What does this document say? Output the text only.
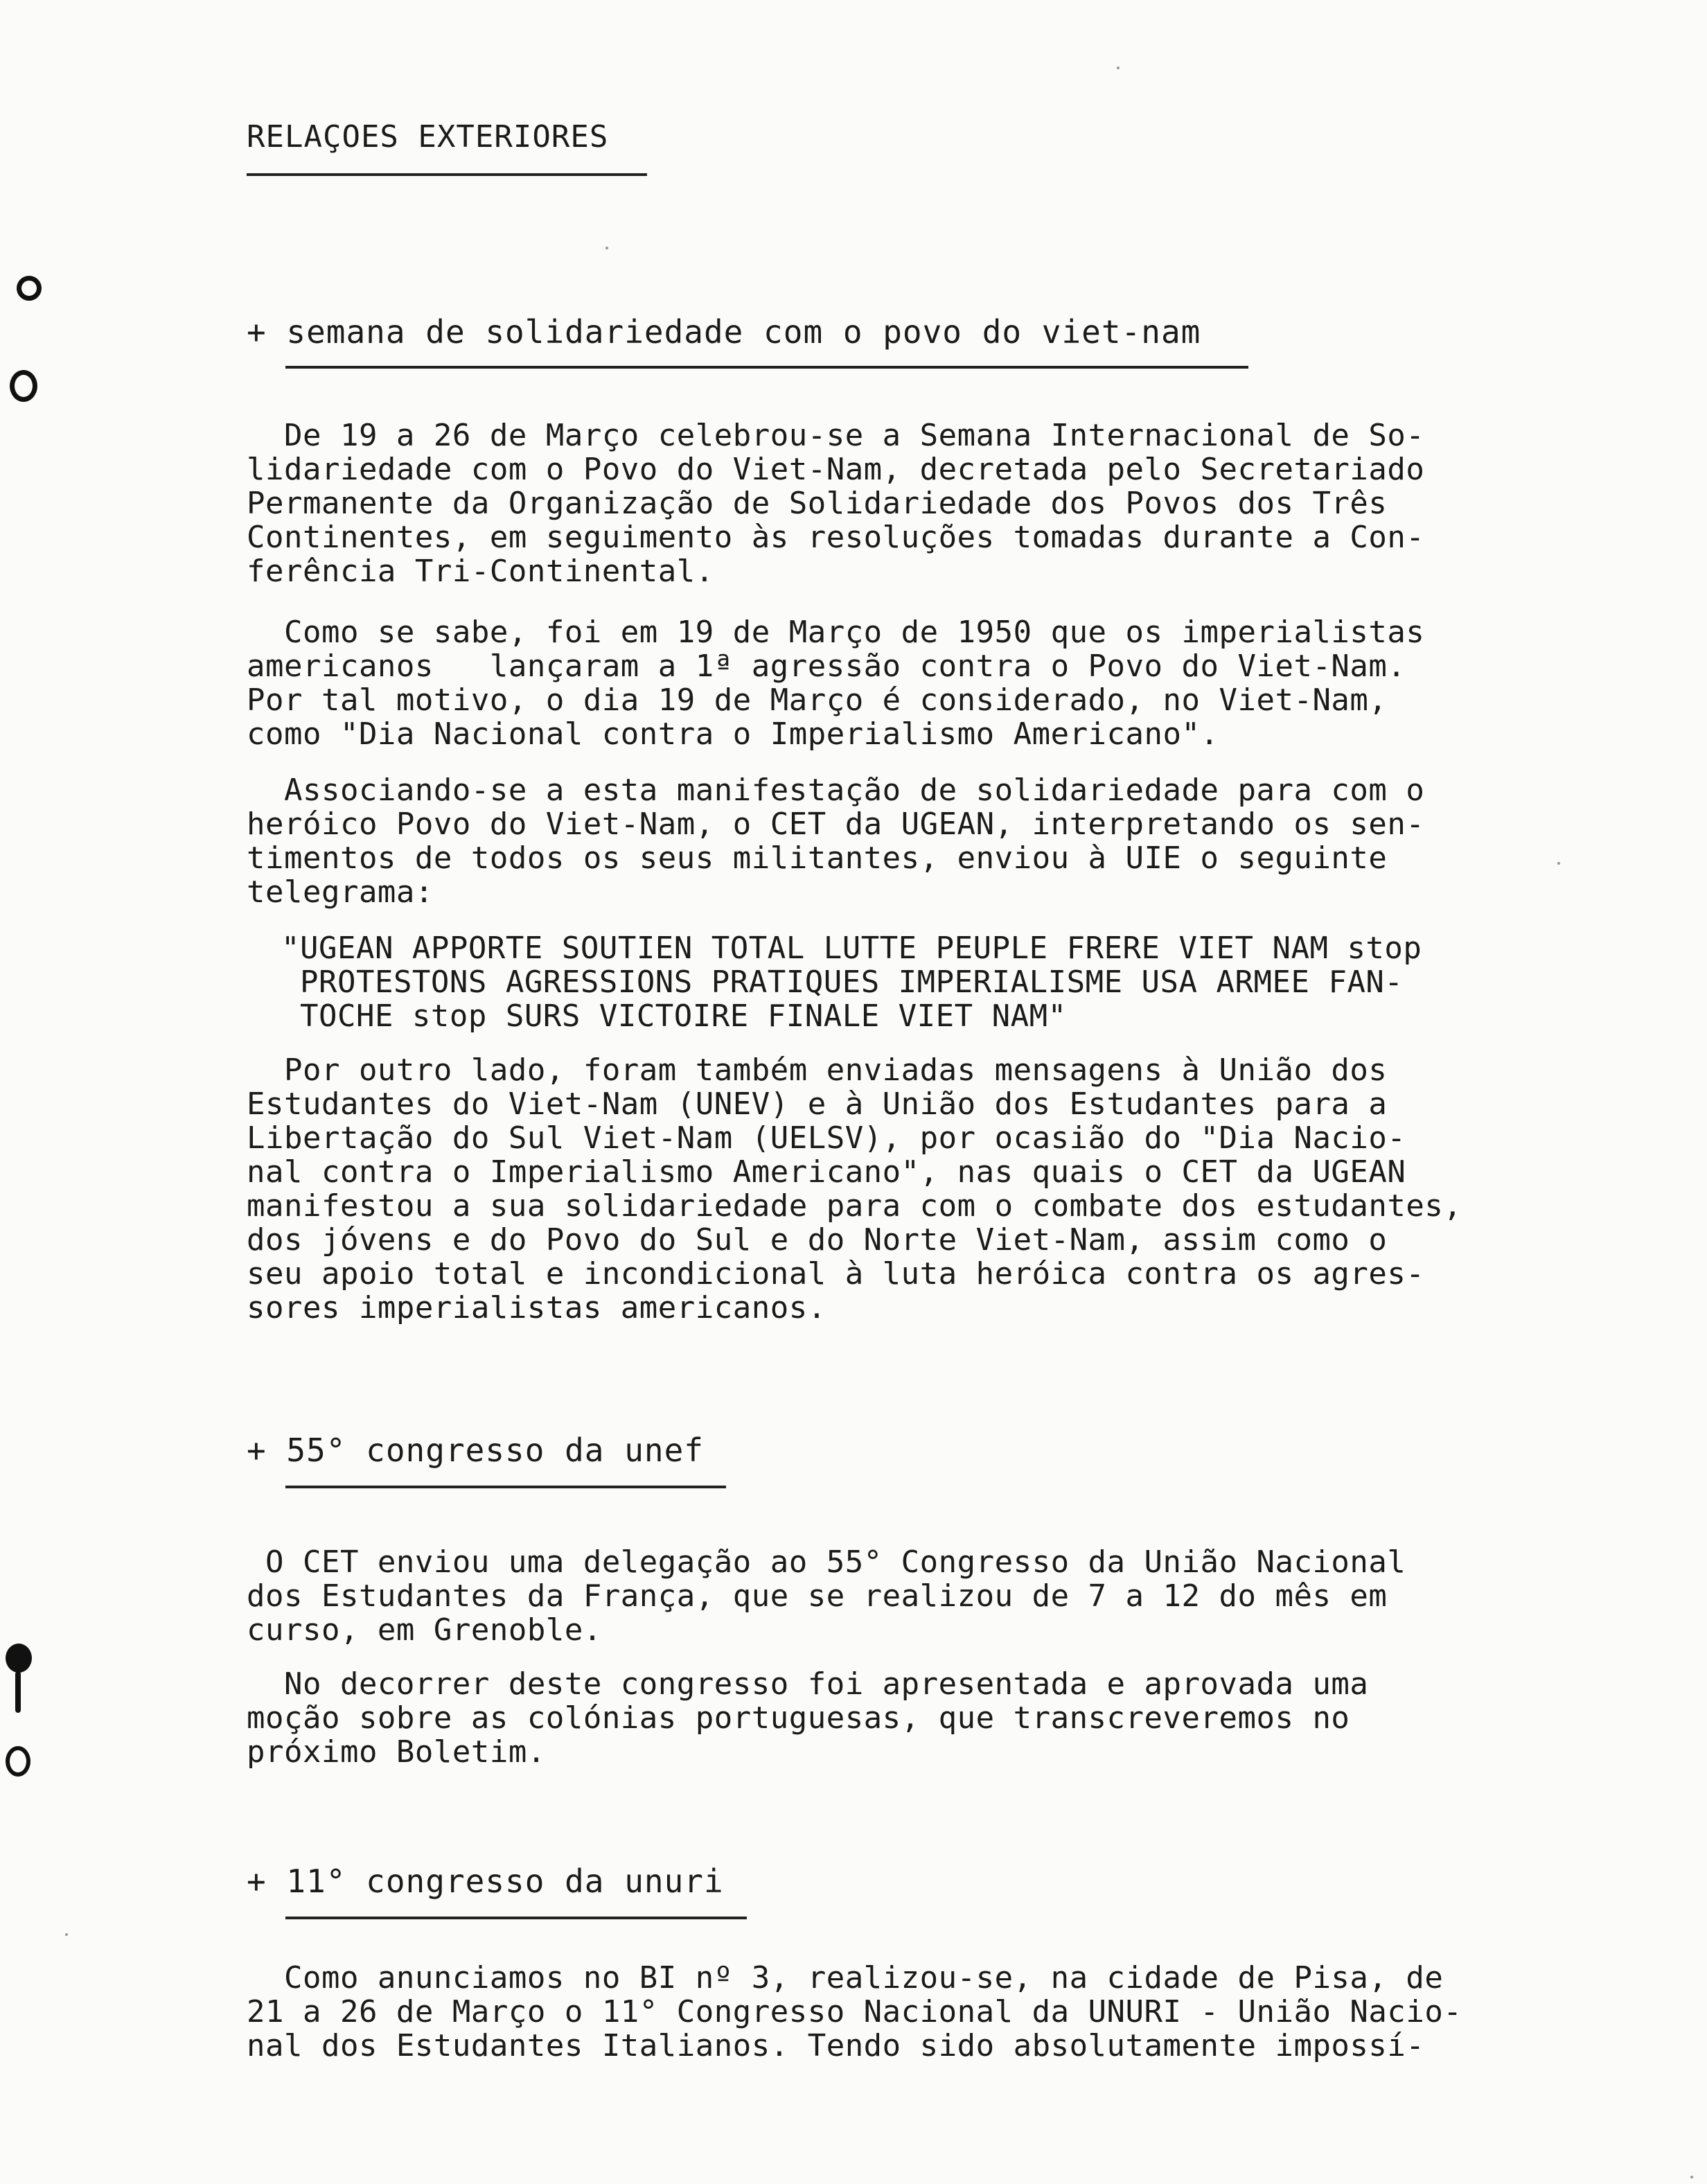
RELAÇOES EXTERIORES
+ semana de solidariedade com o povo do viet-nam
De 19 a 26 de Março celebrou-se a Semana Internacional de So-
lidariedade com o Povo do Viet-Nam, decretada pelo Secretariado
Permanente da Organização de Solidariedade dos Povos dos Três
Continentes, em seguimento às resoluções tomadas durante a Con-
ferência Tri-Continental.
Como se sabe, foi em 19 de Março de 1950 que os imperialistas
americanos   lançaram a 1ª agressão contra o Povo do Viet-Nam.
Por tal motivo, o dia 19 de Março é considerado, no Viet-Nam,
como "Dia Nacional contra o Imperialismo Americano".
Associando-se a esta manifestação de solidariedade para com o
heróico Povo do Viet-Nam, o CET da UGEAN, interpretando os sen-
timentos de todos os seus militantes, enviou à UIE o seguinte
telegrama:
"UGEAN APPORTE SOUTIEN TOTAL LUTTE PEUPLE FRERE VIET NAM stop
PROTESTONS AGRESSIONS PRATIQUES IMPERIALISME USA ARMEE FAN-
TOCHE stop SURS VICTOIRE FINALE VIET NAM"
Por outro lado, foram também enviadas mensagens à União dos
Estudantes do Viet-Nam (UNEV) e à União dos Estudantes para a
Libertação do Sul Viet-Nam (UELSV), por ocasião do "Dia Nacio-
nal contra o Imperialismo Americano", nas quais o CET da UGEAN
manifestou a sua solidariedade para com o combate dos estudantes,
dos jóvens e do Povo do Sul e do Norte Viet-Nam, assim como o
seu apoio total e incondicional à luta heróica contra os agres-
sores imperialistas americanos.
+ 55° congresso da unef
O CET enviou uma delegação ao 55° Congresso da União Nacional
dos Estudantes da França, que se realizou de 7 a 12 do mês em
curso, em Grenoble.
No decorrer deste congresso foi apresentada e aprovada uma
moção sobre as colónias portuguesas, que transcreveremos no
próximo Boletim.
+ 11° congresso da unuri
Como anunciamos no BI nº 3, realizou-se, na cidade de Pisa, de
21 a 26 de Março o 11° Congresso Nacional da UNURI - União Nacio-
nal dos Estudantes Italianos. Tendo sido absolutamente impossí-
